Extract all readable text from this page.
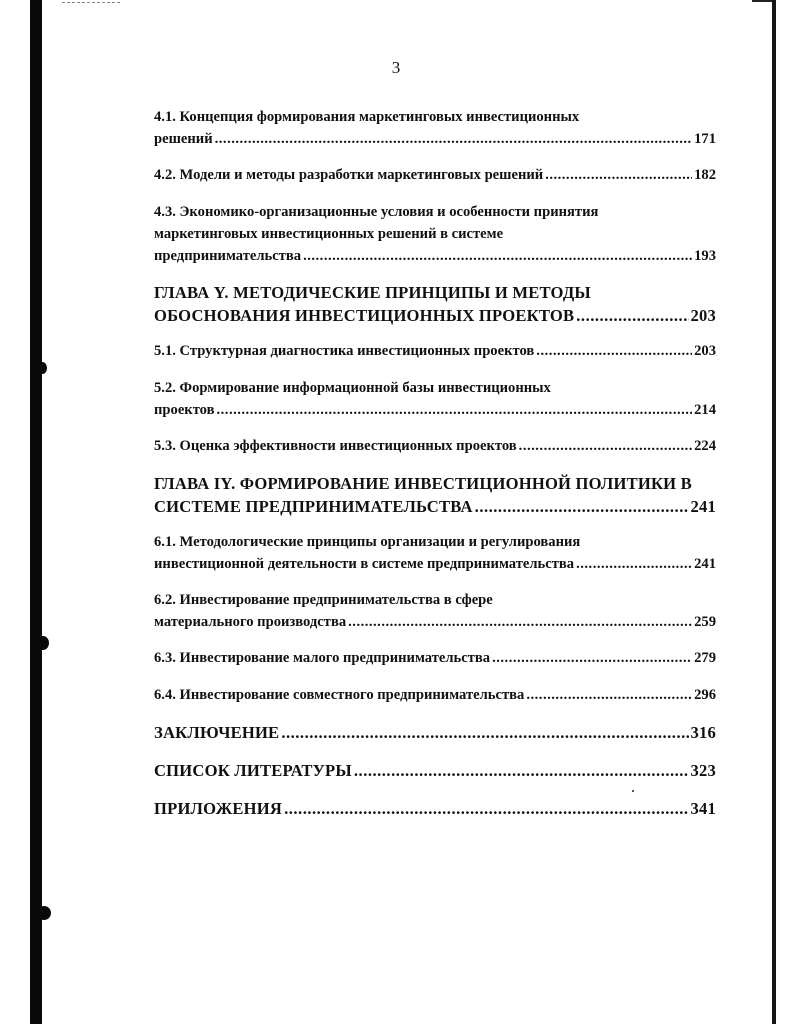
3
4.1. Концепция формирования маркетинговых инвестиционных
решений .....	171
4.2. Модели и методы разработки маркетинговых решений .....	182
4.3. Экономико-организационные условия и особенности принятия
маркетинговых инвестиционных решений в системе
предпринимательства .....	193
ГЛАВА Y. МЕТОДИЧЕСКИЕ ПРИНЦИПЫ И МЕТОДЫ
ОБОСНОВАНИЯ ИНВЕСТИЦИОННЫХ ПРОЕКТОВ .....	203
5.1. Структурная диагностика инвестиционных проектов .....	203
5.2. Формирование информационной базы инвестиционных
проектов .....	214
5.3. Оценка эффективности инвестиционных проектов .....	224
ГЛАВА IY. ФОРМИРОВАНИЕ ИНВЕСТИЦИОННОЙ ПОЛИТИКИ В
СИСТЕМЕ ПРЕДПРИНИМАТЕЛЬСТВА .....	241
6.1. Методологические принципы организации и регулирования
инвестиционной деятельности в системе предпринимательства .....	241
6.2. Инвестирование предпринимательства в сфере
материального производства .....	259
6.3. Инвестирование малого предпринимательства .....	279
6.4. Инвестирование совместного предпринимательства .....	296
ЗАКЛЮЧЕНИЕ .....	316
СПИСОК ЛИТЕРАТУРЫ .....	323
ПРИЛОЖЕНИЯ .....	341
